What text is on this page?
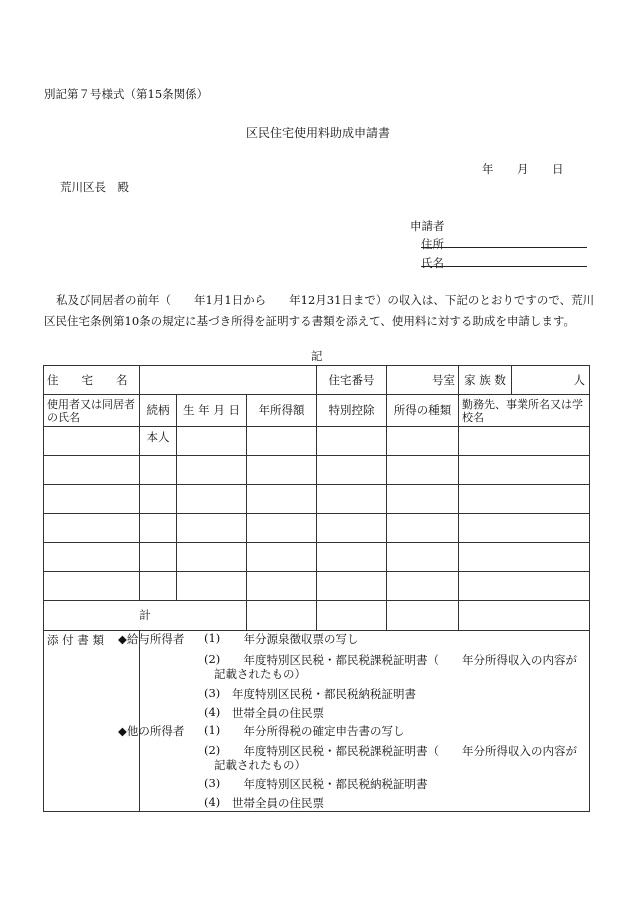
別記第７号様式（第15条関係）
区民住宅使用料助成申請書
年 月 日
荒川区長　殿
申請者
住所
氏名
私及び同居者の前年（　　年1月1日から　　年12月31日まで）の収入は、下記のとおりですので、荒川
区民住宅条例第10条の規定に基づき所得を証明する書類を添えて、使用料に対する助成を申請します。
記
住　　宅　　名				住宅番号	号室	家 族 数 人

使用者又は同居者の氏名	続柄	生 年 月 日	年所得額	特別控除	所得の種類	勤務先、事業所名又は学校名
	本人					

計						
添 付 書 類						◆給与所得者 (1) 　年分源泉徴収票の写し
(2) 　年度特別区民税・都民税課税証明書（　　年分所得収入の内容が
記載されたもの）
(3) 年度特別区民税・都民税納税証明書
(4) 世帯全員の住民票
◆他の所得者 (1) 　年分所得税の確定申告書の写し
(2) 　年度特別区民税・都民税課税証明書（　　年分所得収入の内容が
記載されたもの）
(3) 　年度特別区民税・都民税納税証明書
(4) 世帯全員の住民票
